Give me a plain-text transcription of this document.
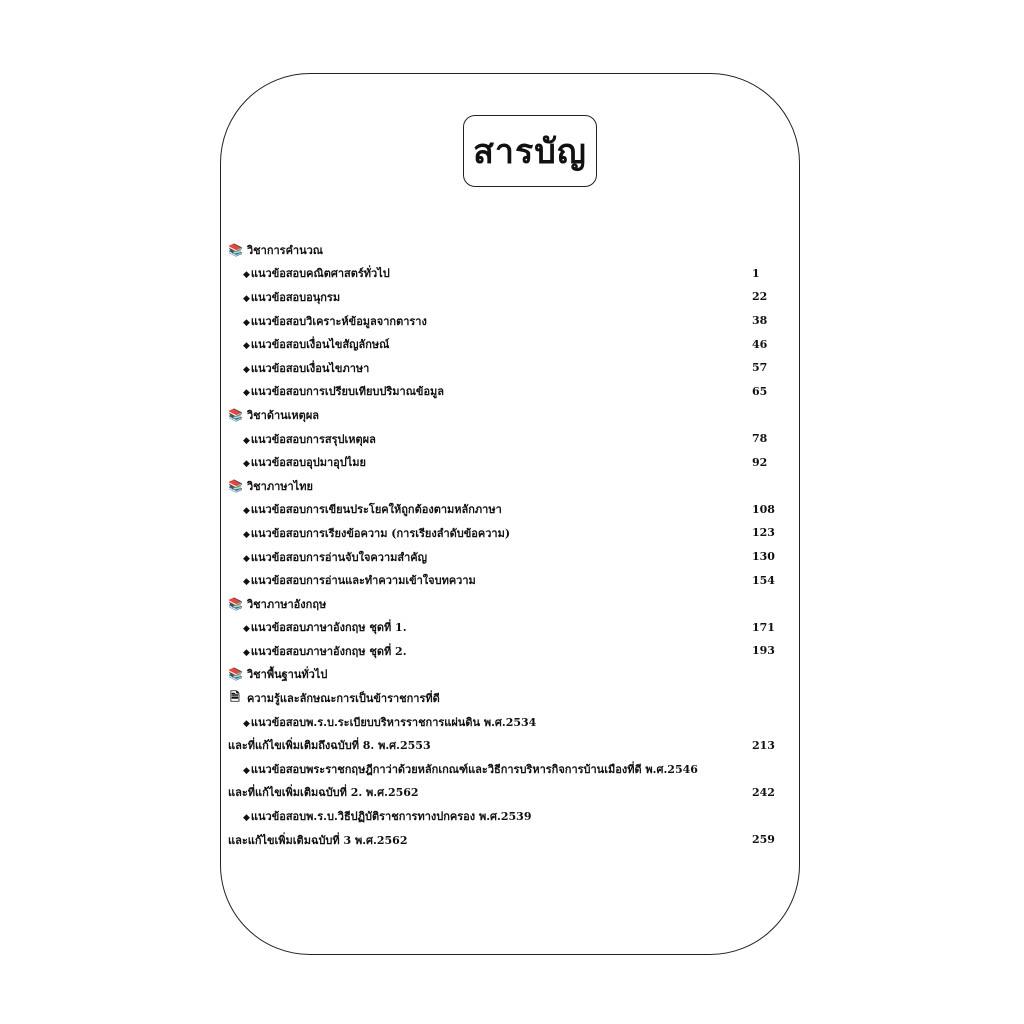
สารบัญ
📚 วิชาการคำนวณ
◆ แนวข้อสอบคณิตศาสตร์ทั่วไป	1
◆ แนวข้อสอบอนุกรม	22
◆ แนวข้อสอบวิเคราะห์ข้อมูลจากตาราง	38
◆ แนวข้อสอบเงื่อนไขสัญลักษณ์	46
◆ แนวข้อสอบเงื่อนไขภาษา	57
◆ แนวข้อสอบการเปรียบเทียบปริมาณข้อมูล	65
📚 วิชาด้านเหตุผล
◆ แนวข้อสอบการสรุปเหตุผล	78
◆ แนวข้อสอบอุปมาอุปไมย	92
📚 วิชาภาษาไทย
◆ แนวข้อสอบการเขียนประโยคให้ถูกต้องตามหลักภาษา	108
◆ แนวข้อสอบการเรียงข้อความ (การเรียงลำดับข้อความ)	123
◆ แนวข้อสอบการอ่านจับใจความสำคัญ	130
◆ แนวข้อสอบการอ่านและทำความเข้าใจบทความ	154
📚 วิชาภาษาอังกฤษ
◆ แนวข้อสอบภาษาอังกฤษ ชุดที่ 1.	171
◆ แนวข้อสอบภาษาอังกฤษ ชุดที่ 2.	193
📚 วิชาพื้นฐานทั่วไป
🗎 ความรู้และลักษณะการเป็นข้าราชการที่ดี
◆ แนวข้อสอบพ.ร.บ.ระเบียบบริหารราชการแผ่นดิน พ.ศ.2534
และที่แก้ไขเพิ่มเติมถึงฉบับที่ 8. พ.ศ.2553	213
◆ แนวข้อสอบพระราชกฤษฎีกาว่าด้วยหลักเกณฑ์และวิธีการบริหารกิจการบ้านเมืองที่ดี พ.ศ.2546
และที่แก้ไขเพิ่มเติมฉบับที่ 2. พ.ศ.2562	242
◆ แนวข้อสอบพ.ร.บ.วิธีปฏิบัติราชการทางปกครอง พ.ศ.2539
และแก้ไขเพิ่มเติมฉบับที่ 3 พ.ศ.2562	259
